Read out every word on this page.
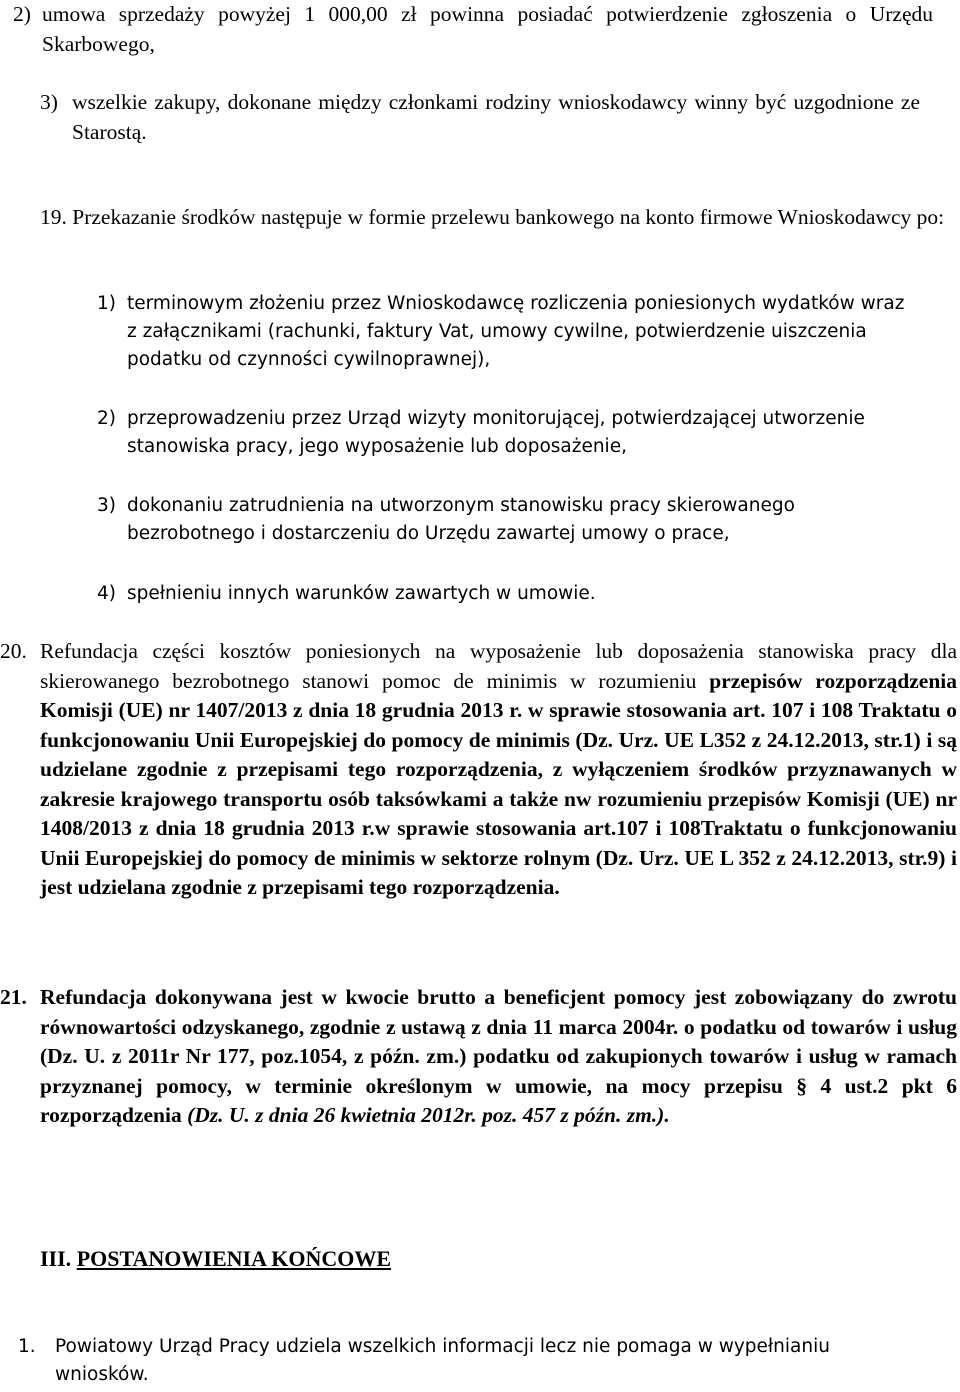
2) umowa sprzedaży powyżej 1 000,00 zł powinna posiadać potwierdzenie zgłoszenia o Urzędu Skarbowego,
3) wszelkie zakupy, dokonane między członkami rodziny wnioskodawcy winny być uzgodnione ze Starostą.
19. Przekazanie środków następuje w formie przelewu bankowego na konto firmowe Wnioskodawcy po:
1) terminowym złożeniu przez Wnioskodawcę rozliczenia poniesionych wydatków wraz z załącznikami (rachunki, faktury Vat, umowy cywilne, potwierdzenie uiszczenia podatku od czynności cywilnoprawnej),
2) przeprowadzeniu przez Urząd wizyty monitorującej, potwierdzającej utworzenie stanowiska pracy, jego wyposażenie lub doposażenie,
3) dokonaniu zatrudnienia na utworzonym stanowisku pracy skierowanego bezrobotnego i dostarczeniu do Urzędu zawartej umowy o prace,
4) spełnieniu innych warunków zawartych w umowie.
20. Refundacja części kosztów poniesionych na wyposażenie lub doposażenia stanowiska pracy dla skierowanego bezrobotnego stanowi pomoc de minimis w rozumieniu przepisów rozporządzenia Komisji (UE) nr 1407/2013 z dnia 18 grudnia 2013 r. w sprawie stosowania art. 107 i 108 Traktatu o funkcjonowaniu Unii Europejskiej do pomocy de minimis (Dz. Urz. UE L352 z 24.12.2013, str.1) i są udzielane zgodnie z przepisami tego rozporządzenia, z wyłączeniem środków przyznawanych w zakresie krajowego transportu osób taksówkami a także nw rozumieniu przepisów Komisji (UE) nr 1408/2013 z dnia 18 grudnia 2013 r.w sprawie stosowania art.107 i 108Traktatu o funkcjonowaniu Unii Europejskiej do pomocy de minimis w sektorze rolnym (Dz. Urz. UE L 352 z 24.12.2013, str.9) i jest udzielana zgodnie z przepisami tego rozporządzenia.
21. Refundacja dokonywana jest w kwocie brutto a beneficjent pomocy jest zobowiązany do zwrotu równowartości odzyskanego, zgodnie z ustawą z dnia 11 marca 2004r. o podatku od towarów i usług (Dz. U. z 2011r Nr 177, poz.1054, z późn. zm.) podatku od zakupionych towarów i usług w ramach przyznanej pomocy, w terminie określonym w umowie, na mocy przepisu § 4 ust.2 pkt 6 rozporządzenia (Dz. U. z dnia 26 kwietnia 2012r. poz. 457 z późn. zm.).
III. POSTANOWIENIA KOŃCOWE
1.	Powiatowy Urząd Pracy udziela wszelkich informacji lecz nie pomaga w wypełnianiu wniosków.
